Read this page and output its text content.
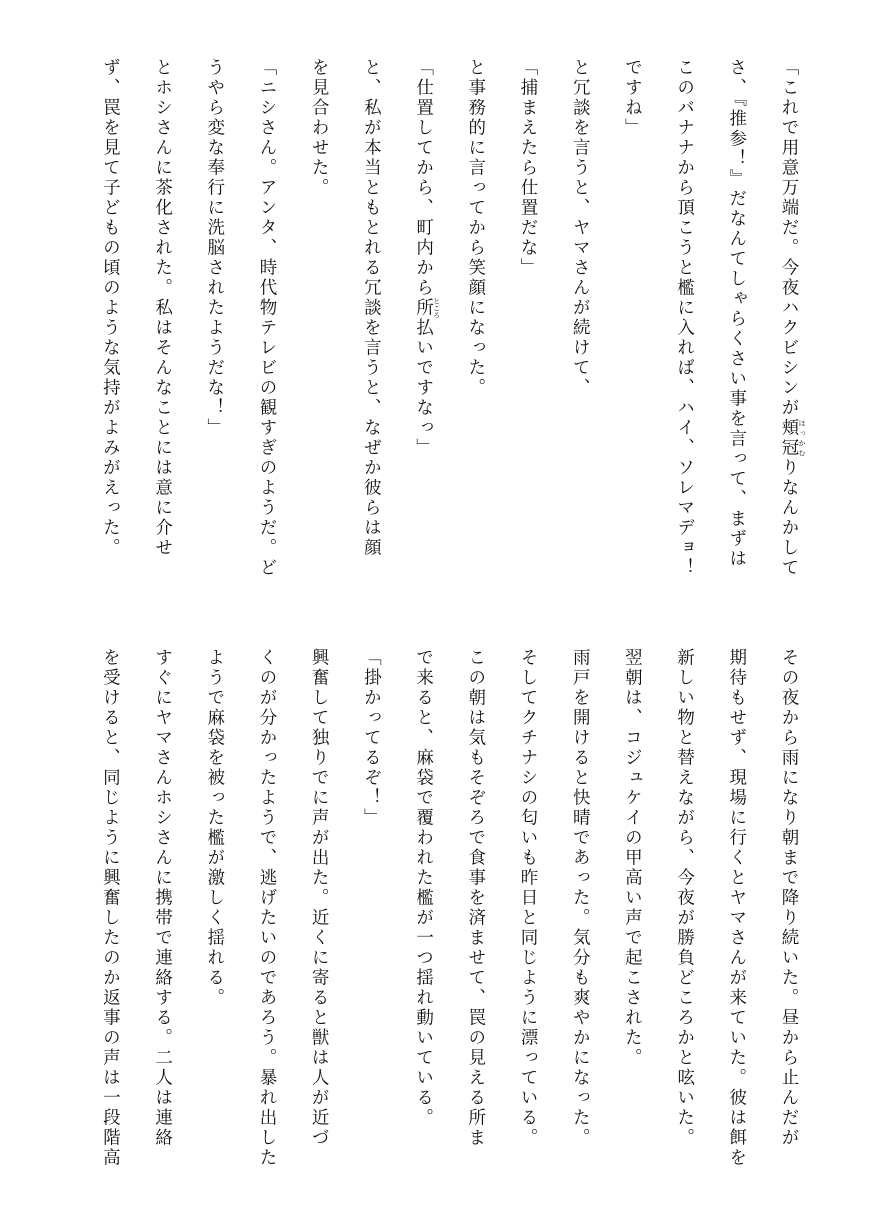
「これで用意万端だ。今夜ハクビシンが頬冠 ほっかむりなんかして
さ、『推参！』だなんてしゃらくさい事を言って、まずは
このバナナから頂こうと檻に入れば、ハイ、ソレマデョ！
ですね」
と冗談を言うと、ヤマさんが続けて、
「捕まえたら仕置だな」
と事務的に言ってから笑顔になった。
「仕置してから、町内から所 ところ払いですなっ」
と、私が本当ともとれる冗談を言うと、なぜか彼らは顔
を見合わせた。
「ニシさん。アンタ、時代物テレビの観すぎのようだ。ど
うやら変な奉行に洗脳されたようだな！」
とホシさんに茶化された。私はそんなことには意に介せ
ず、罠を見て子どもの頃のような気持がよみがえった。
その夜から雨になり朝まで降り続いた。昼から止んだが
期待もせず、現場に行くとヤマさんが来ていた。彼は餌を
新しい物と替えながら、今夜が勝負どころかと呟いた。
翌朝は、コジュケイの甲高い声で起こされた。
雨戸を開けると快晴であった。気分も爽やかになった。
そしてクチナシの匂いも昨日と同じように漂っている。
この朝は気もそぞろで食事を済ませて、罠の見える所ま
で来ると、麻袋で覆われた檻が一つ揺れ動いている。
「掛かってるぞ！」
興奮して独りでに声が出た。近くに寄ると獣は人が近づ
くのが分かったようで、逃げたいのであろう。暴れ出した
ようで麻袋を被った檻が激しく揺れる。
すぐにヤマさんホシさんに携帯で連絡する。二人は連絡
を受けると、同じように興奮したのか返事の声は一段階高
